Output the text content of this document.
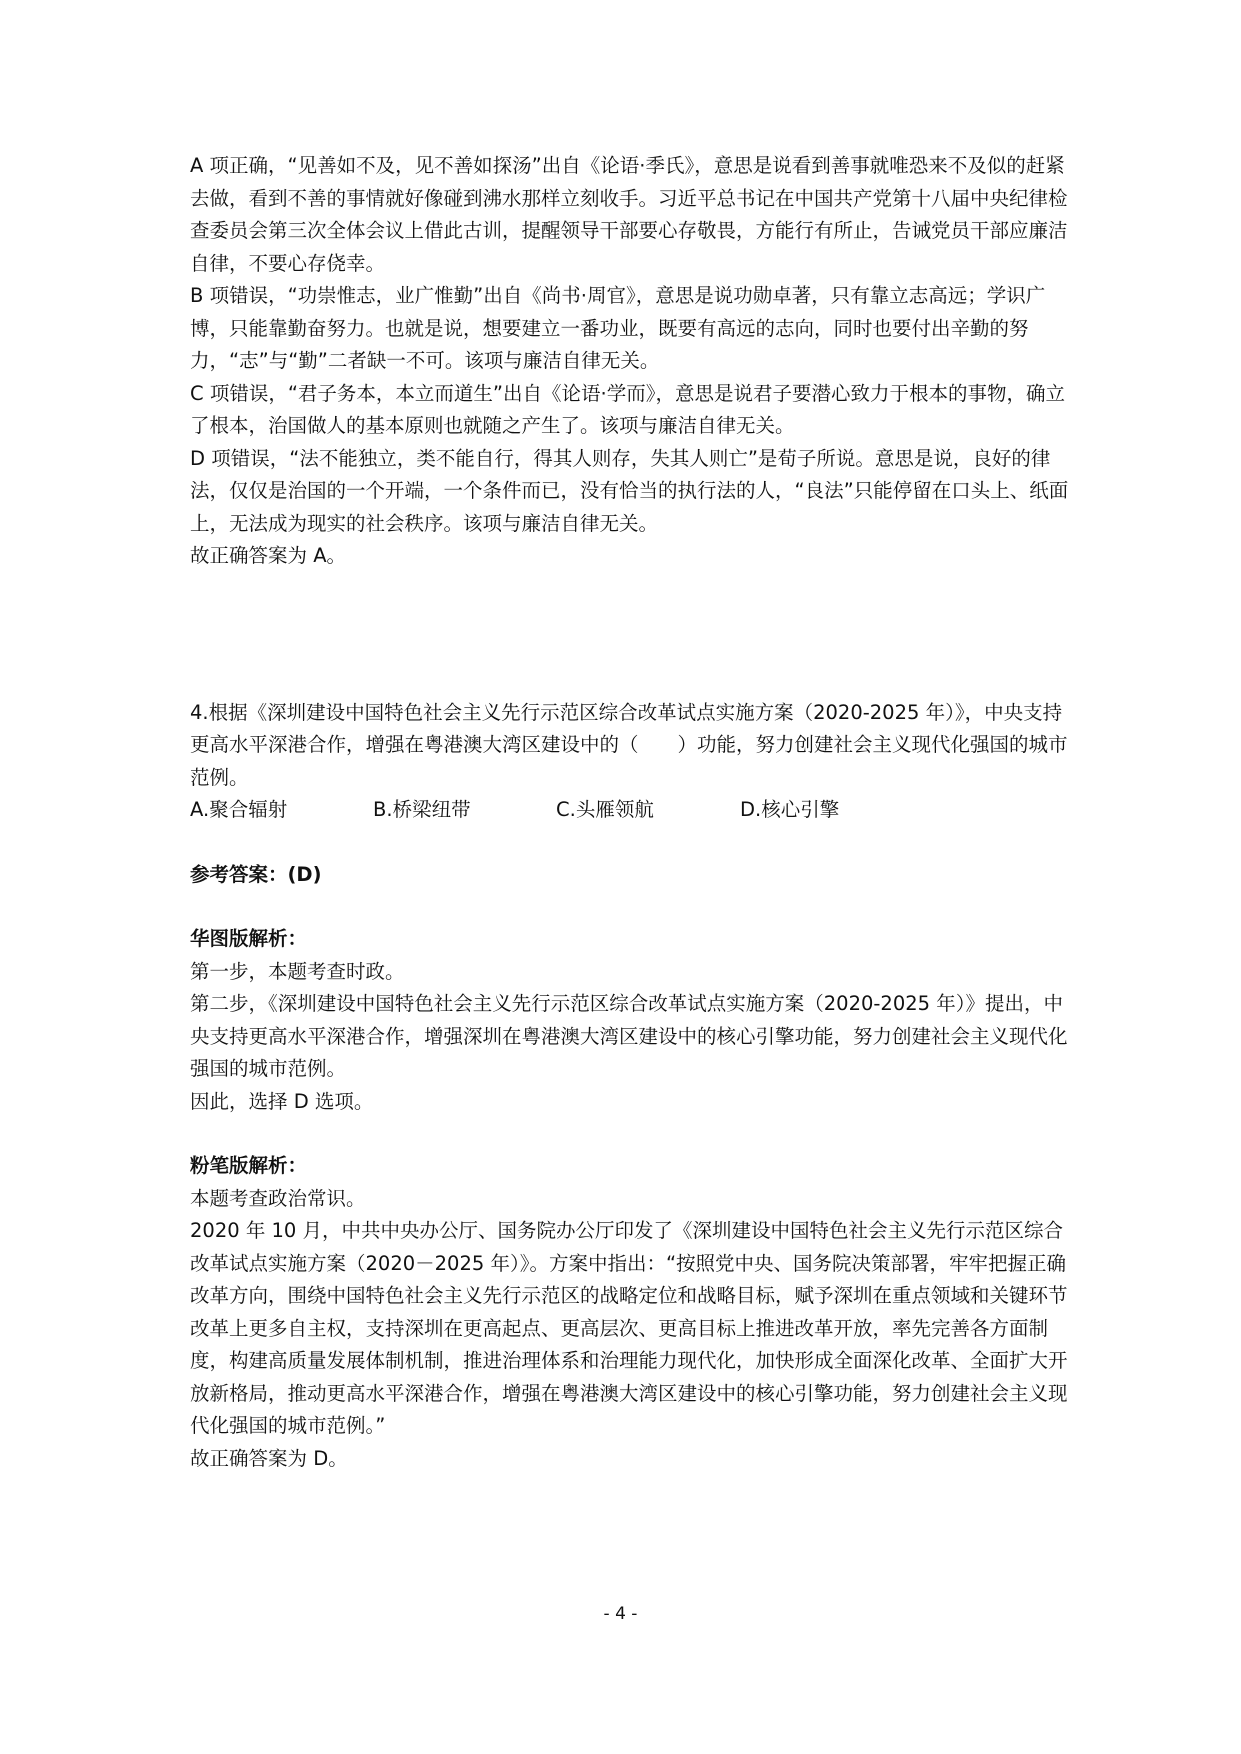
A 项正确，“见善如不及，见不善如探汤”出自《论语·季氏》，意思是说看到善事就唯恐来不及似的赶紧去做，看到不善的事情就好像碰到沸水那样立刻收手。习近平总书记在中国共产党第十八届中央纪律检查委员会第三次全体会议上借此古训，提醒领导干部要心存敬畏，方能行有所止，告诫党员干部应廉洁自律，不要心存侥幸。

B 项错误，“功崇惟志，业广惟勤”出自《尚书·周官》，意思是说功勋卓著，只有靠立志高远；学识广博，只能靠勤奋努力。也就是说，想要建立一番功业，既要有高远的志向，同时也要付出辛勤的努力，“志”与“勤”二者缺一不可。该项与廉洁自律无关。

C 项错误，“君子务本，本立而道生”出自《论语·学而》，意思是说君子要潜心致力于根本的事物，确立了根本，治国做人的基本原则也就随之产生了。该项与廉洁自律无关。

D 项错误，“法不能独立，类不能自行，得其人则存，失其人则亡”是荀子所说。意思是说，良好的律法，仅仅是治国的一个开端，一个条件而已，没有恰当的执行法的人，“良法”只能停留在口头上、纸面上，无法成为现实的社会秩序。该项与廉洁自律无关。

故正确答案为 A。

4.根据《深圳建设中国特色社会主义先行示范区综合改革试点实施方案（2020-2025 年）》，中央支持更高水平深港合作，增强在粤港澳大湾区建设中的（　　）功能，努力创建社会主义现代化强国的城市范例。

A.聚合辐射	B.桥梁纽带	C.头雁领航	D.核心引擎

参考答案：(D)

华图版解析：

第一步，本题考查时政。

第二步，《深圳建设中国特色社会主义先行示范区综合改革试点实施方案（2020-2025 年）》提出，中央支持更高水平深港合作，增强深圳在粤港澳大湾区建设中的核心引擎功能，努力创建社会主义现代化强国的城市范例。

因此，选择 D 选项。

粉笔版解析：

本题考查政治常识。

2020 年 10 月，中共中央办公厅、国务院办公厅印发了《深圳建设中国特色社会主义先行示范区综合改革试点实施方案（2020－2025 年）》。方案中指出：“按照党中央、国务院决策部署，牢牢把握正确改革方向，围绕中国特色社会主义先行示范区的战略定位和战略目标，赋予深圳在重点领域和关键环节改革上更多自主权，支持深圳在更高起点、更高层次、更高目标上推进改革开放，率先完善各方面制度，构建高质量发展体制机制，推进治理体系和治理能力现代化，加快形成全面深化改革、全面扩大开放新格局，推动更高水平深港合作，增强在粤港澳大湾区建设中的核心引擎功能，努力创建社会主义现代化强国的城市范例。”

故正确答案为 D。

- 4 -
